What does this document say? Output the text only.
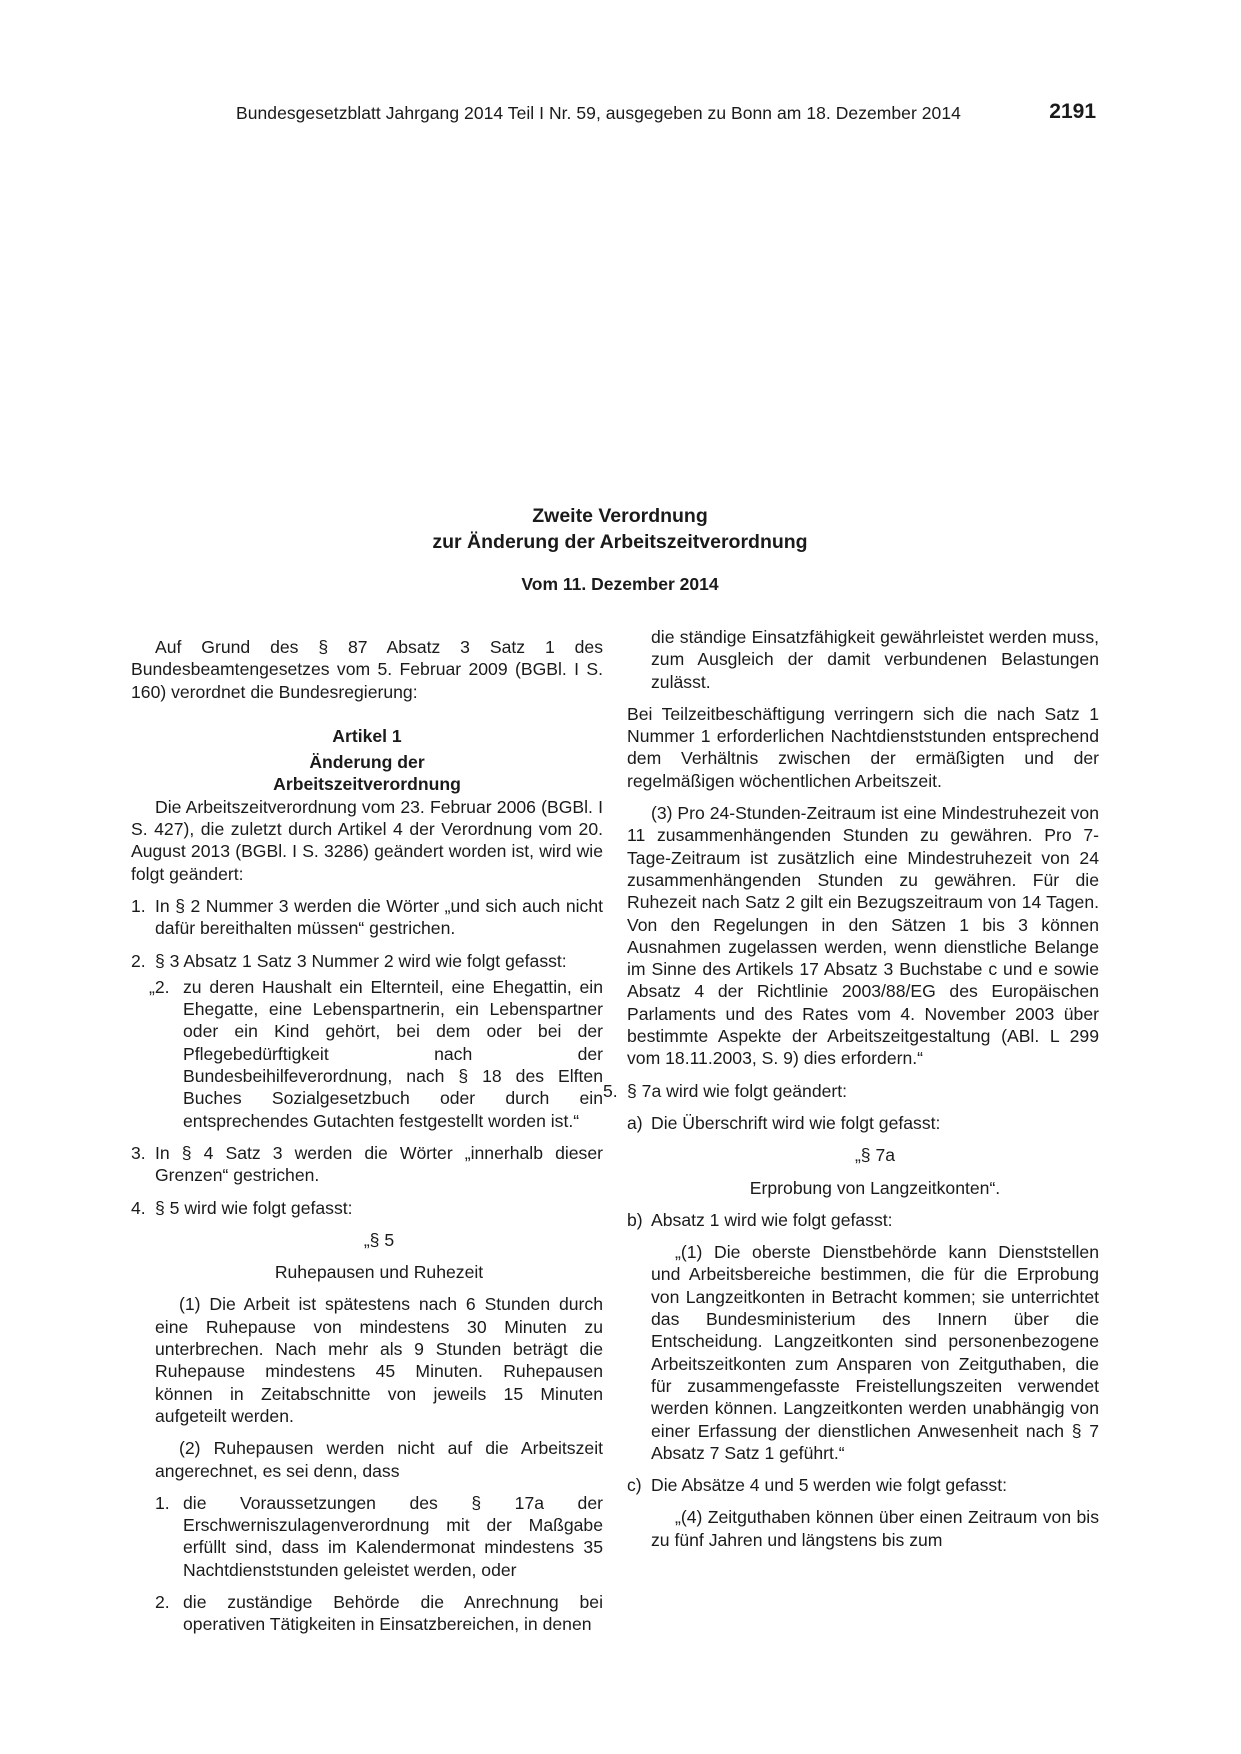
Bundesgesetzblatt Jahrgang 2014 Teil I Nr. 59, ausgegeben zu Bonn am 18. Dezember 2014	2191
Zweite Verordnung
zur Änderung der Arbeitszeitverordnung
Vom 11. Dezember 2014

Auf Grund des § 87 Absatz 3 Satz 1 des Bundesbeamtengesetzes vom 5. Februar 2009 (BGBl. I S. 160) verordnet die Bundesregierung:

Artikel 1

Änderung der

Arbeitszeitverordnung

Die Arbeitszeitverordnung vom 23. Februar 2006 (BGBl. I S. 427), die zuletzt durch Artikel 4 der Verordnung vom 20. August 2013 (BGBl. I S. 3286) geändert worden ist, wird wie folgt geändert:

1. In § 2 Nummer 3 werden die Wörter „und sich auch nicht dafür bereithalten müssen“ gestrichen.
2. § 3 Absatz 1 Satz 3 Nummer 2 wird wie folgt gefasst:
„2. zu deren Haushalt ein Elternteil, eine Ehegattin, ein Ehegatte, eine Lebenspartnerin, ein Lebenspartner oder ein Kind gehört, bei dem oder bei der Pflegebedürftigkeit nach der Bundesbeihilfeverordnung, nach § 18 des Elften Buches Sozialgesetzbuch oder durch ein entsprechendes Gutachten festgestellt worden ist.“
3. In § 4 Satz 3 werden die Wörter „innerhalb dieser Grenzen“ gestrichen.
4. § 5 wird wie folgt gefasst:

„§ 5

Ruhepausen und Ruhezeit

(1) Die Arbeit ist spätestens nach 6 Stunden durch eine Ruhepause von mindestens 30 Minuten zu unterbrechen. Nach mehr als 9 Stunden beträgt die Ruhepause mindestens 45 Minuten. Ruhepausen können in Zeitabschnitte von jeweils 15 Minuten aufgeteilt werden.

(2) Ruhepausen werden nicht auf die Arbeitszeit angerechnet, es sei denn, dass

1. die Voraussetzungen des § 17a der Erschwerniszulagenverordnung mit der Maßgabe erfüllt sind, dass im Kalendermonat mindestens 35 Nachtdienststunden geleistet werden, oder
2. die zuständige Behörde die Anrechnung bei operativen Tätigkeiten in Einsatzbereichen, in denen

die ständige Einsatzfähigkeit gewährleistet werden muss, zum Ausgleich der damit verbundenen Belastungen zulässt.

Bei Teilzeitbeschäftigung verringern sich die nach Satz 1 Nummer 1 erforderlichen Nachtdienststunden entsprechend dem Verhältnis zwischen der ermäßigten und der regelmäßigen wöchentlichen Arbeitszeit.

(3) Pro 24-Stunden-Zeitraum ist eine Mindestruhezeit von 11 zusammenhängenden Stunden zu gewähren. Pro 7-Tage-Zeitraum ist zusätzlich eine Mindestruhezeit von 24 zusammenhängenden Stunden zu gewähren. Für die Ruhezeit nach Satz 2 gilt ein Bezugszeitraum von 14 Tagen. Von den Regelungen in den Sätzen 1 bis 3 können Ausnahmen zugelassen werden, wenn dienstliche Belange im Sinne des Artikels 17 Absatz 3 Buchstabe c und e sowie Absatz 4 der Richtlinie 2003/88/EG des Europäischen Parlaments und des Rates vom 4. November 2003 über bestimmte Aspekte der Arbeitszeitgestaltung (ABl. L 299 vom 18.11.2003, S. 9) dies erfordern.“

5. § 7a wird wie folgt geändert:
a) Die Überschrift wird wie folgt gefasst:

„§ 7a

Erprobung von Langzeitkonten“.

b) Absatz 1 wird wie folgt gefasst:

„(1) Die oberste Dienstbehörde kann Dienststellen und Arbeitsbereiche bestimmen, die für die Erprobung von Langzeitkonten in Betracht kommen; sie unterrichtet das Bundesministerium des Innern über die Entscheidung. Langzeitkonten sind personenbezogene Arbeitszeitkonten zum Ansparen von Zeitguthaben, die für zusammengefasste Freistellungszeiten verwendet werden können. Langzeitkonten werden unabhängig von einer Erfassung der dienstlichen Anwesenheit nach § 7 Absatz 7 Satz 1 geführt.“

c) Die Absätze 4 und 5 werden wie folgt gefasst:

„(4) Zeitguthaben können über einen Zeitraum von bis zu fünf Jahren und längstens bis zum
